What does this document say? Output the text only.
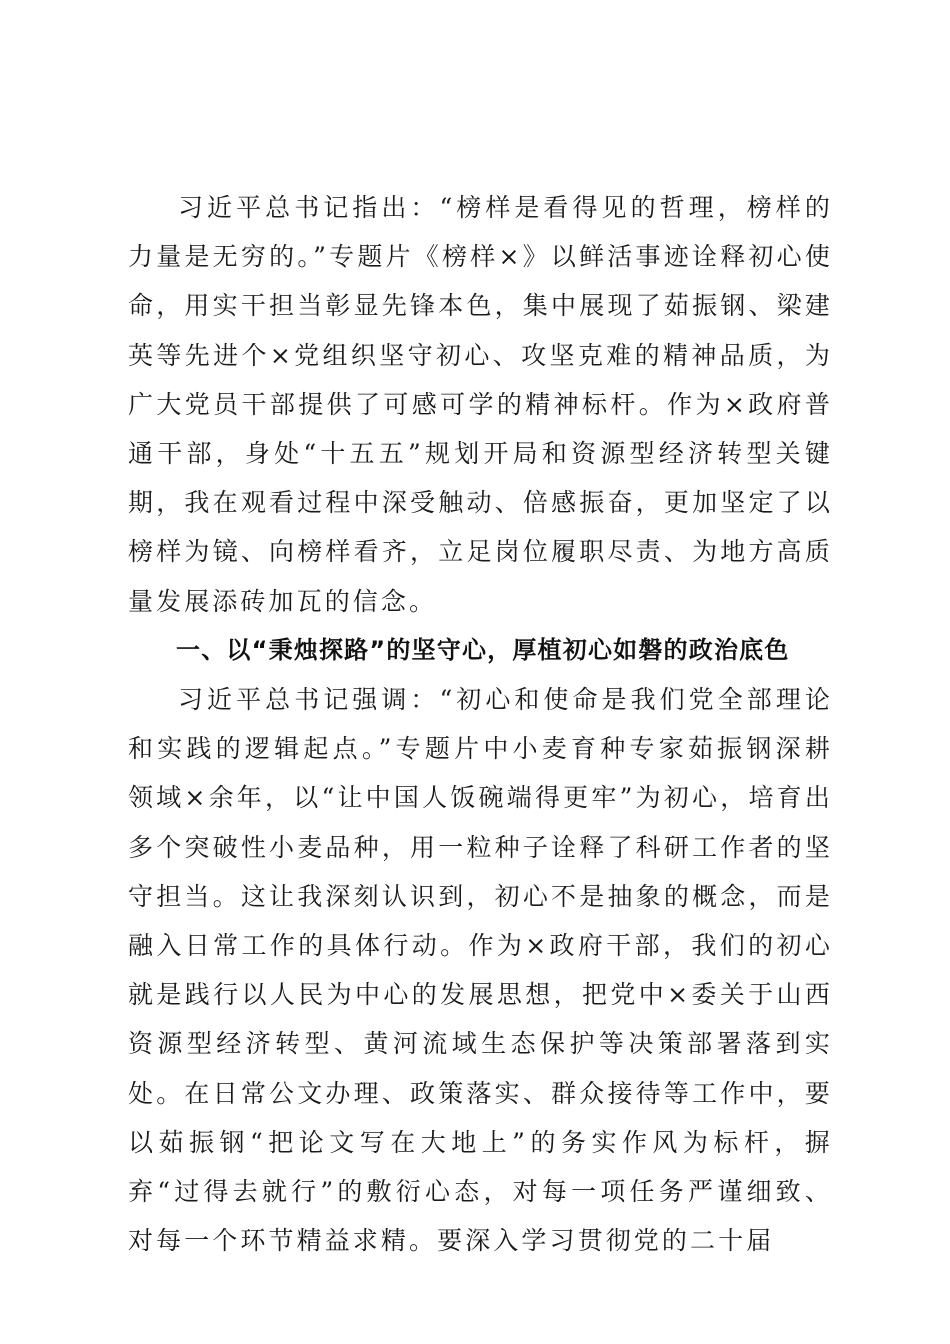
习近平总书记指出：“榜样是看得见的哲理，榜样的力量是无穷的。”专题片《榜样×》以鲜活事迹诠释初心使命，用实干担当彰显先锋本色，集中展现了茹振钢、梁建英等先进个×党组织坚守初心、攻坚克难的精神品质，为广大党员干部提供了可感可学的精神标杆。作为×政府普通干部，身处“十五五”规划开局和资源型经济转型关键期，我在观看过程中深受触动、倍感振奋，更加坚定了以榜样为镜、向榜样看齐，立足岗位履职尽责、为地方高质量发展添砖加瓦的信念。

一、以“秉烛探路”的坚守心，厚植初心如磐的政治底色

习近平总书记强调：“初心和使命是我们党全部理论和实践的逻辑起点。”专题片中小麦育种专家茹振钢深耕领域×余年，以“让中国人饭碗端得更牢”为初心，培育出多个突破性小麦品种，用一粒种子诠释了科研工作者的坚守担当。这让我深刻认识到，初心不是抽象的概念，而是融入日常工作的具体行动。作为×政府干部，我们的初心就是践行以人民为中心的发展思想，把党中×委关于山西资源型经济转型、黄河流域生态保护等决策部署落到实处。在日常公文办理、政策落实、群众接待等工作中，要以茹振钢“把论文写在大地上”的务实作风为标杆，摒弃“过得去就行”的敷衍心态，对每一项任务严谨细致、对每一个环节精益求精。要深入学习贯彻党的二十届
